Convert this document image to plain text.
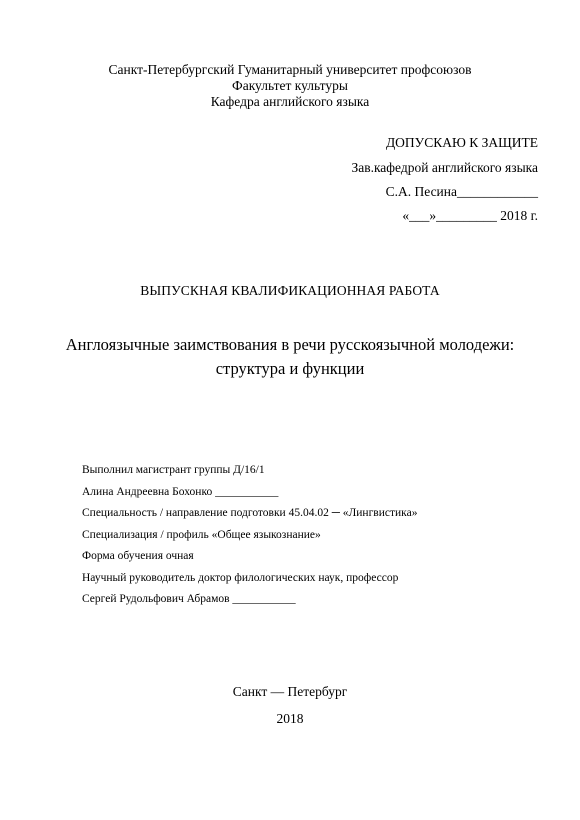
Санкт-Петербургский Гуманитарный университет профсоюзов
Факультет культуры
Кафедра английского языка
ДОПУСКАЮ К ЗАЩИТЕ
Зав.кафедрой английского языка
С.А. Песина____________
«___»_________ 2018 г.
ВЫПУСКНАЯ КВАЛИФИКАЦИОННАЯ РАБОТА
Англоязычные заимствования в речи русскоязычной молодежи:
структура и функции
Выполнил магистрант группы Д/16/1
Алина Андреевна Бохонко ___________
Специальность / направление подготовки 45.04.02 ─ «Лингвистика»
Специализация / профиль «Общее языкознание»
Форма обучения очная
Научный руководитель доктор филологических наук, профессор
Сергей Рудольфович Абрамов ___________
Санкт — Петербург
2018
